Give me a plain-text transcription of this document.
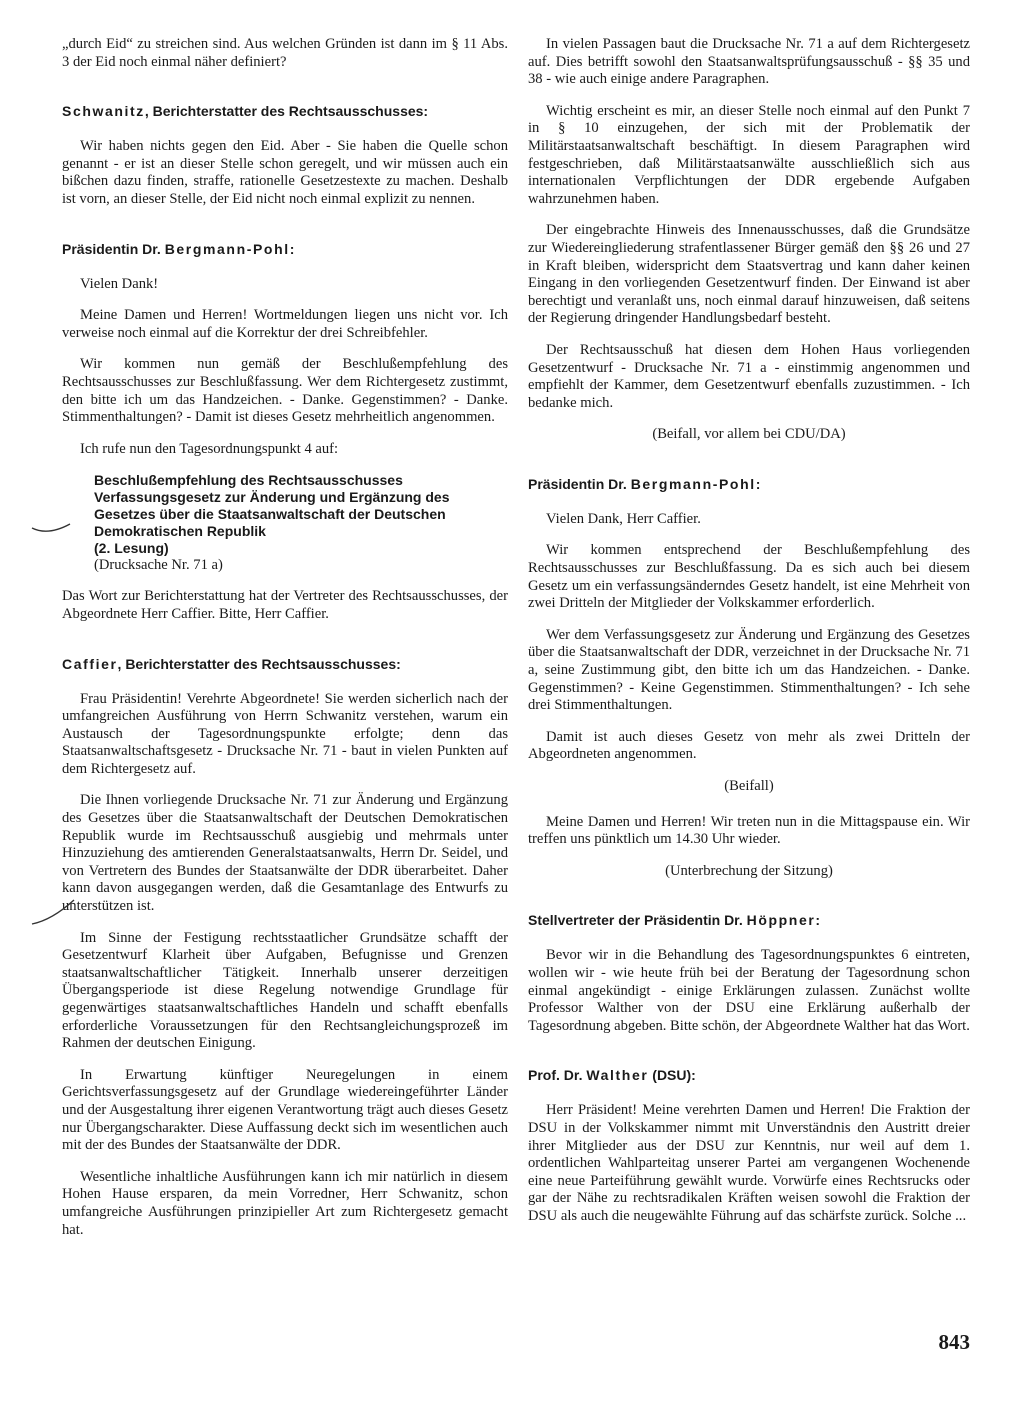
„durch Eid“ zu streichen sind. Aus welchen Gründen ist dann im § 11 Abs. 3 der Eid noch einmal näher definiert?

Schwanitz, Berichterstatter des Rechtsausschusses:

Wir haben nichts gegen den Eid. Aber - Sie haben die Quelle schon genannt - er ist an dieser Stelle schon geregelt, und wir müssen auch ein bißchen dazu finden, straffe, rationelle Gesetzestexte zu machen. Deshalb ist vorn, an dieser Stelle, der Eid nicht noch einmal explizit zu nennen.

Präsidentin Dr. Bergmann-Pohl:

Vielen Dank!

Meine Damen und Herren! Wortmeldungen liegen uns nicht vor. Ich verweise noch einmal auf die Korrektur der drei Schreibfehler.

Wir kommen nun gemäß der Beschlußempfehlung des Rechtsausschusses zur Beschlußfassung. Wer dem Richtergesetz zustimmt, den bitte ich um das Handzeichen. - Danke. Gegenstimmen? - Danke. Stimmenthaltungen? - Damit ist dieses Gesetz mehrheitlich angenommen.

Ich rufe nun den Tagesordnungspunkt 4 auf:

Beschlußempfehlung des Rechtsausschusses Verfassungsgesetz zur Änderung und Ergänzung des Gesetzes über die Staatsanwaltschaft der Deutschen Demokratischen Republik
(2. Lesung)
(Drucksache Nr. 71 a)

Das Wort zur Berichterstattung hat der Vertreter des Rechtsausschusses, der Abgeordnete Herr Caffier. Bitte, Herr Caffier.

Caffier, Berichterstatter des Rechtsausschusses:

Frau Präsidentin! Verehrte Abgeordnete! Sie werden sicherlich nach der umfangreichen Ausführung von Herrn Schwanitz verstehen, warum ein Austausch der Tagesordnungspunkte erfolgte; denn das Staatsanwaltschaftsgesetz - Drucksache Nr. 71 - baut in vielen Punkten auf dem Richtergesetz auf.

Die Ihnen vorliegende Drucksache Nr. 71 zur Änderung und Ergänzung des Gesetzes über die Staatsanwaltschaft der Deutschen Demokratischen Republik wurde im Rechtsausschuß ausgiebig und mehrmals unter Hinzuziehung des amtierenden Generalstaatsanwalts, Herrn Dr. Seidel, und von Vertretern des Bundes der Staatsanwälte der DDR überarbeitet. Daher kann davon ausgegangen werden, daß die Gesamtanlage des Entwurfs zu unterstützen ist.

Im Sinne der Festigung rechtsstaatlicher Grundsätze schafft der Gesetzentwurf Klarheit über Aufgaben, Befugnisse und Grenzen staatsanwaltschaftlicher Tätigkeit. Innerhalb unserer derzeitigen Übergangsperiode ist diese Regelung notwendige Grundlage für gegenwärtiges staatsanwaltschaftliches Handeln und schafft ebenfalls erforderliche Voraussetzungen für den Rechtsangleichungsprozeß im Rahmen der deutschen Einigung.

In Erwartung künftiger Neuregelungen in einem Gerichtsverfassungsgesetz auf der Grundlage wiedereingeführter Länder und der Ausgestaltung ihrer eigenen Verantwortung trägt auch dieses Gesetz nur Übergangscharakter. Diese Auffassung deckt sich im wesentlichen auch mit der des Bundes der Staatsanwälte der DDR.

Wesentliche inhaltliche Ausführungen kann ich mir natürlich in diesem Hohen Hause ersparen, da mein Vorredner, Herr Schwanitz, schon umfangreiche Ausführungen prinzipieller Art zum Richtergesetz gemacht hat.

In vielen Passagen baut die Drucksache Nr. 71 a auf dem Richtergesetz auf. Dies betrifft sowohl den Staatsanwaltsprüfungsausschuß - §§ 35 und 38 - wie auch einige andere Paragraphen.

Wichtig erscheint es mir, an dieser Stelle noch einmal auf den Punkt 7 in § 10 einzugehen, der sich mit der Problematik der Militärstaatsanwaltschaft beschäftigt. In diesem Paragraphen wird festgeschrieben, daß Militärstaatsanwälte ausschließlich sich aus internationalen Verpflichtungen der DDR ergebende Aufgaben wahrzunehmen haben.

Der eingebrachte Hinweis des Innenausschusses, daß die Grundsätze zur Wiedereingliederung strafentlassener Bürger gemäß den §§ 26 und 27 in Kraft bleiben, widerspricht dem Staatsvertrag und kann daher keinen Eingang in den vorliegenden Gesetzentwurf finden. Der Einwand ist aber berechtigt und veranlaßt uns, noch einmal darauf hinzuweisen, daß seitens der Regierung dringender Handlungsbedarf besteht.

Der Rechtsausschuß hat diesen dem Hohen Haus vorliegenden Gesetzentwurf - Drucksache Nr. 71 a - einstimmig angenommen und empfiehlt der Kammer, dem Gesetzentwurf ebenfalls zuzustimmen. - Ich bedanke mich.

(Beifall, vor allem bei CDU/DA)

Präsidentin Dr. Bergmann-Pohl:

Vielen Dank, Herr Caffier.

Wir kommen entsprechend der Beschlußempfehlung des Rechtsausschusses zur Beschlußfassung. Da es sich auch bei diesem Gesetz um ein verfassungsänderndes Gesetz handelt, ist eine Mehrheit von zwei Dritteln der Mitglieder der Volkskammer erforderlich.

Wer dem Verfassungsgesetz zur Änderung und Ergänzung des Gesetzes über die Staatsanwaltschaft der DDR, verzeichnet in der Drucksache Nr. 71 a, seine Zustimmung gibt, den bitte ich um das Handzeichen. - Danke. Gegenstimmen? - Keine Gegenstimmen. Stimmenthaltungen? - Ich sehe drei Stimmenthaltungen.

Damit ist auch dieses Gesetz von mehr als zwei Dritteln der Abgeordneten angenommen.

(Beifall)

Meine Damen und Herren! Wir treten nun in die Mittagspause ein. Wir treffen uns pünktlich um 14.30 Uhr wieder.

(Unterbrechung der Sitzung)

Stellvertreter der Präsidentin Dr. Höppner:

Bevor wir in die Behandlung des Tagesordnungspunktes 6 eintreten, wollen wir - wie heute früh bei der Beratung der Tagesordnung schon einmal angekündigt - einige Erklärungen zulassen. Zunächst wollte Professor Walther von der DSU eine Erklärung außerhalb der Tagesordnung abgeben. Bitte schön, der Abgeordnete Walther hat das Wort.

Prof. Dr. Walther (DSU):

Herr Präsident! Meine verehrten Damen und Herren! Die Fraktion der DSU in der Volkskammer nimmt mit Unverständnis den Austritt dreier ihrer Mitglieder aus der DSU zur Kenntnis, nur weil auf dem 1. ordentlichen Wahlparteitag unserer Partei am vergangenen Wochenende eine neue Parteiführung gewählt wurde. Vorwürfe eines Rechtsrucks oder gar der Nähe zu rechtsradikalen Kräften weisen sowohl die Fraktion der DSU als auch die neugewählte Führung auf das schärfste zurück. Solche ...

843
